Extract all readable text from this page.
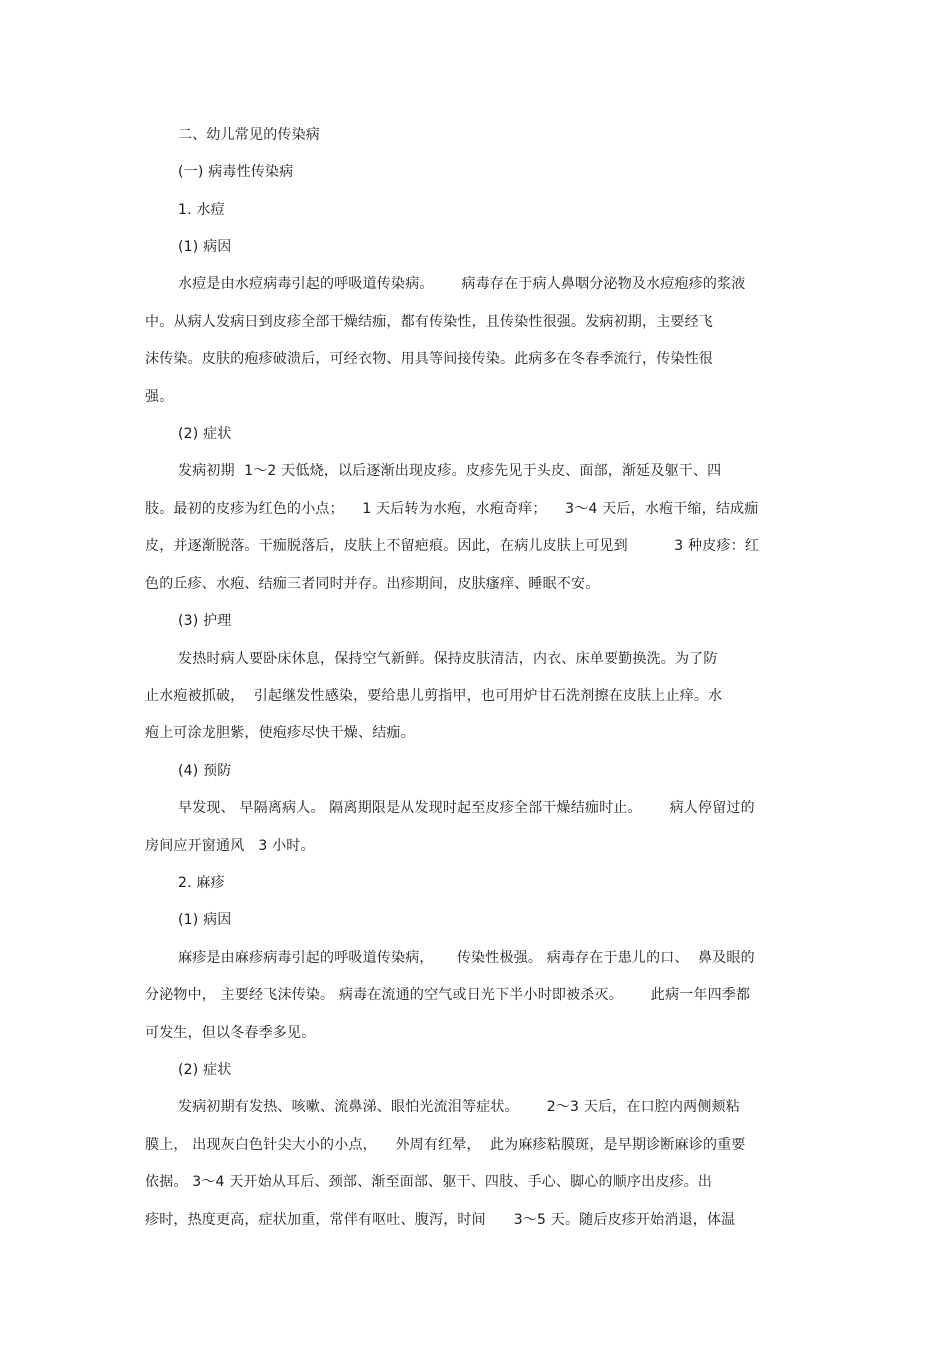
二、幼儿常见的传染病
(一) 病毒性传染病
1. 水痘
(1) 病因
水痘是由水痘病毒引起的呼吸道传染病。      病毒存在于病人鼻咽分泌物及水痘疱疹的浆液
中。从病人发病日到皮疹全部干燥结痂，都有传染性，且传染性很强。发病初期，主要经飞
沫传染。皮肤的疱疹破溃后，可经衣物、用具等间接传染。此病多在冬春季流行，传染性很
强。
(2) 症状
发病初期  1～2 天低烧，以后逐渐出现皮疹。皮疹先见于头皮、面部，渐延及躯干、四
肢。最初的皮疹为红色的小点；    1 天后转为水疱，水疱奇痒；    3～4 天后，水疱干缩，结成痂
皮，并逐渐脱落。干痂脱落后，皮肤上不留疤痕。因此，在病儿皮肤上可见到          3 种皮疹：红
色的丘疹、水疱、结痂三者同时并存。出疹期间，皮肤瘙痒、睡眠不安。
(3) 护理
发热时病人要卧床休息，保持空气新鲜。保持皮肤清洁，内衣、床单要勤换洗。为了防
止水疱被抓破，  引起继发性感染，要给患儿剪指甲，也可用炉甘石洗剂擦在皮肤上止痒。水
疱上可涂龙胆紫，使疱疹尽快干燥、结痂。
(4) 预防
早发现、 早隔离病人。 隔离期限是从发现时起至皮疹全部干燥结痂时止。      病人停留过的
房间应开窗通风   3 小时。
2. 麻疹
(1) 病因
麻疹是由麻疹病毒引起的呼吸道传染病，     传染性极强。 病毒存在于患儿的口、  鼻及眼的
分泌物中， 主要经飞沫传染。 病毒在流通的空气或日光下半小时即被杀灭。      此病一年四季都
可发生，但以冬春季多见。
(2) 症状
发病初期有发热、咳嗽、流鼻涕、眼怕光流泪等症状。      2～3 天后，在口腔内两侧颊粘
膜上， 出现灰白色针尖大小的小点，    外周有红晕，  此为麻疹粘膜斑，是早期诊断麻诊的重要
依据。 3～4 天开始从耳后、颈部、渐至面部、躯干、四肢、手心、脚心的顺序出皮疹。出
疹时，热度更高，症状加重，常伴有呕吐、腹泻，时间      3～5 天。随后皮疹开始消退，体温
